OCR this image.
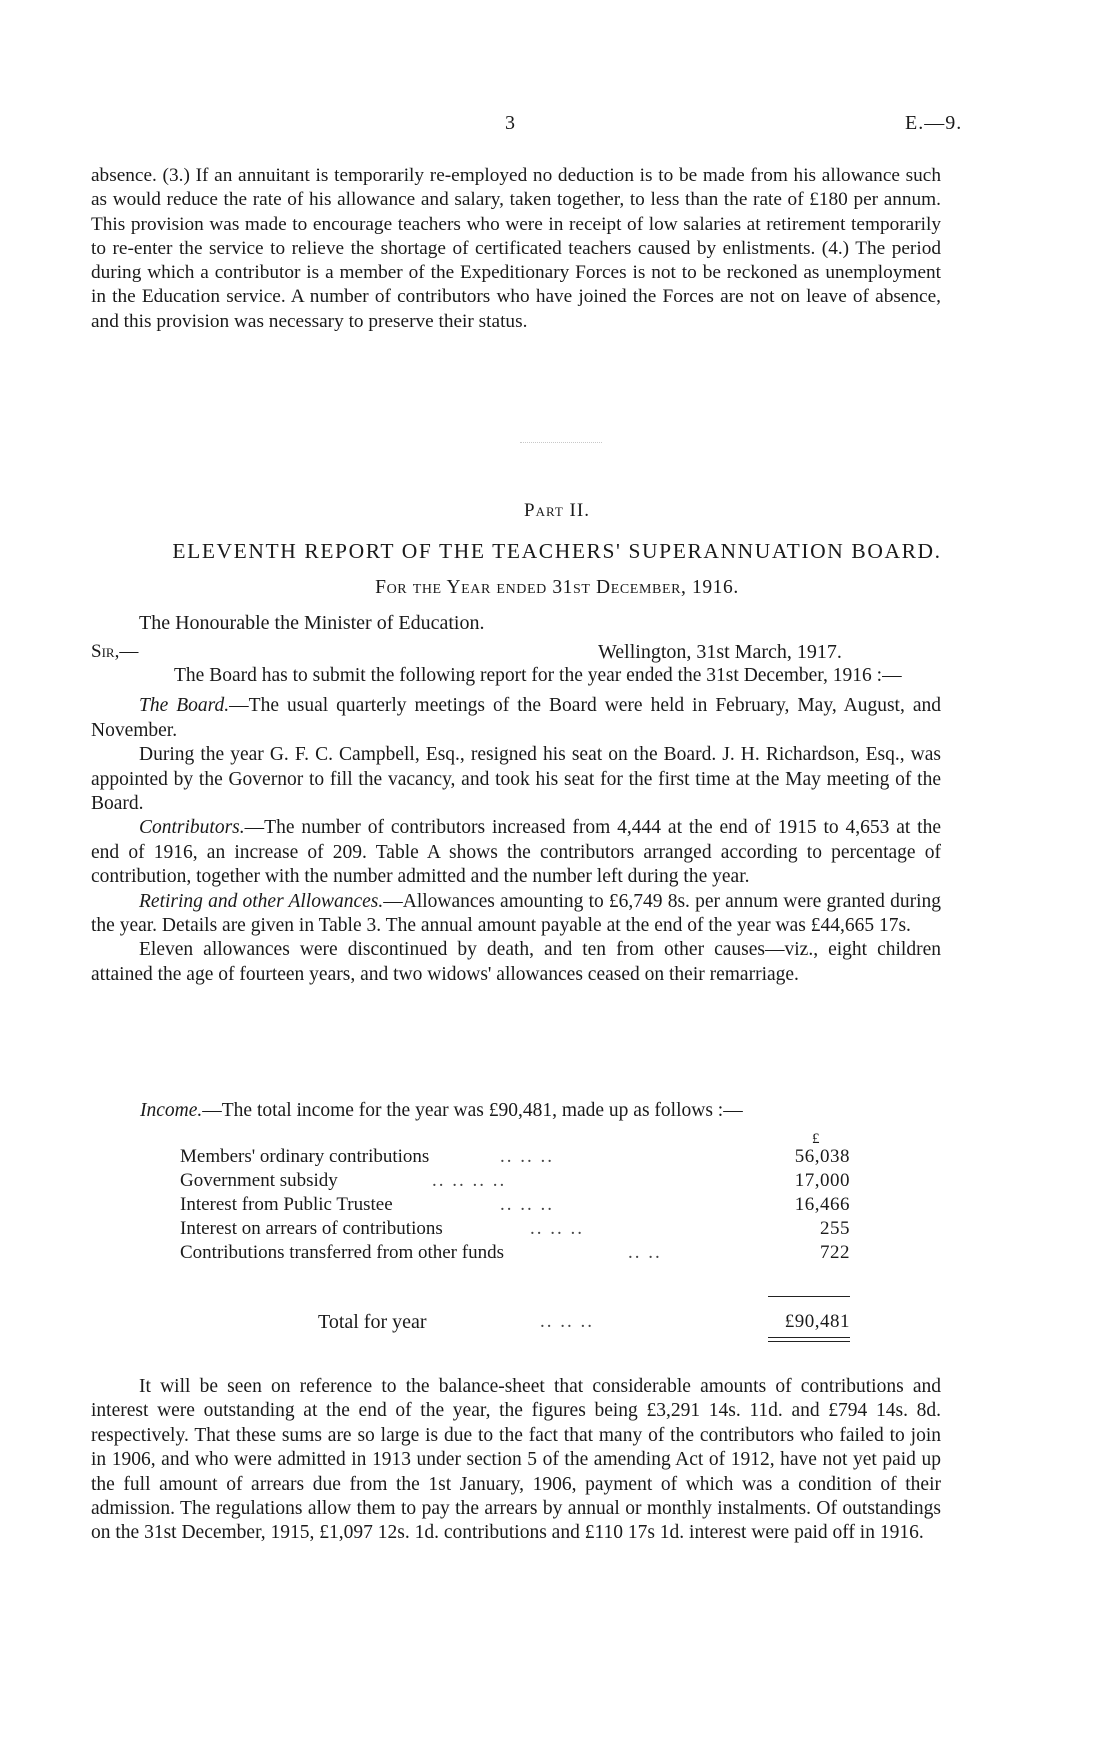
3	E.—9.
absence. (3.) If an annuitant is temporarily re-employed no deduction is to be made from his allowance such as would reduce the rate of his allowance and salary, taken together, to less than the rate of £180 per annum. This provision was made to encourage teachers who were in receipt of low salaries at retirement temporarily to re-enter the service to relieve the shortage of certificated teachers caused by enlistments. (4.) The period during which a contributor is a member of the Expeditionary Forces is not to be reckoned as unemployment in the Education service. A number of contributors who have joined the Forces are not on leave of absence, and this provision was necessary to preserve their status.
Part II.
ELEVENTH REPORT OF THE TEACHERS' SUPERANNUATION BOARD.
For the Year ended 31st December, 1916.
The Honourable the Minister of Education.
Sir,—	Wellington, 31st March, 1917.

The Board has to submit the following report for the year ended the 31st December, 1916 :—

The Board.—The usual quarterly meetings of the Board were held in February, May, August, and November.

During the year G. F. C. Campbell, Esq., resigned his seat on the Board. J. H. Richardson, Esq., was appointed by the Governor to fill the vacancy, and took his seat for the first time at the May meeting of the Board.

Contributors.—The number of contributors increased from 4,444 at the end of 1915 to 4,653 at the end of 1916, an increase of 209. Table A shows the contributors arranged according to percentage of contribution, together with the number admitted and the number left during the year.

Retiring and other Allowances.—Allowances amounting to £6,749 8s. per annum were granted during the year. Details are given in Table 3. The annual amount payable at the end of the year was £44,665 17s.

Eleven allowances were discontinued by death, and ten from other causes—viz., eight children attained the age of fourteen years, and two widows' allowances ceased on their remarriage.

Income.—The total income for the year was £90,481, made up as follows :—
£
Members' ordinary contributions	.. .. ..	56,038
Government subsidy	.. .. .. ..	17,000
Interest from Public Trustee	.. .. ..	16,466
Interest on arrears of contributions	.. .. ..	255
Contributions transferred from other funds	.. ..	722
Total for year	.. .. ..	£90,481

It will be seen on reference to the balance-sheet that considerable amounts of contributions and interest were outstanding at the end of the year, the figures being £3,291 14s. 11d. and £794 14s. 8d. respectively. That these sums are so large is due to the fact that many of the contributors who failed to join in 1906, and who were admitted in 1913 under section 5 of the amending Act of 1912, have not yet paid up the full amount of arrears due from the 1st January, 1906, payment of which was a condition of their admission. The regulations allow them to pay the arrears by annual or monthly instalments. Of outstandings on the 31st December, 1915, £1,097 12s. 1d. contributions and £110 17s 1d. interest were paid off in 1916.
